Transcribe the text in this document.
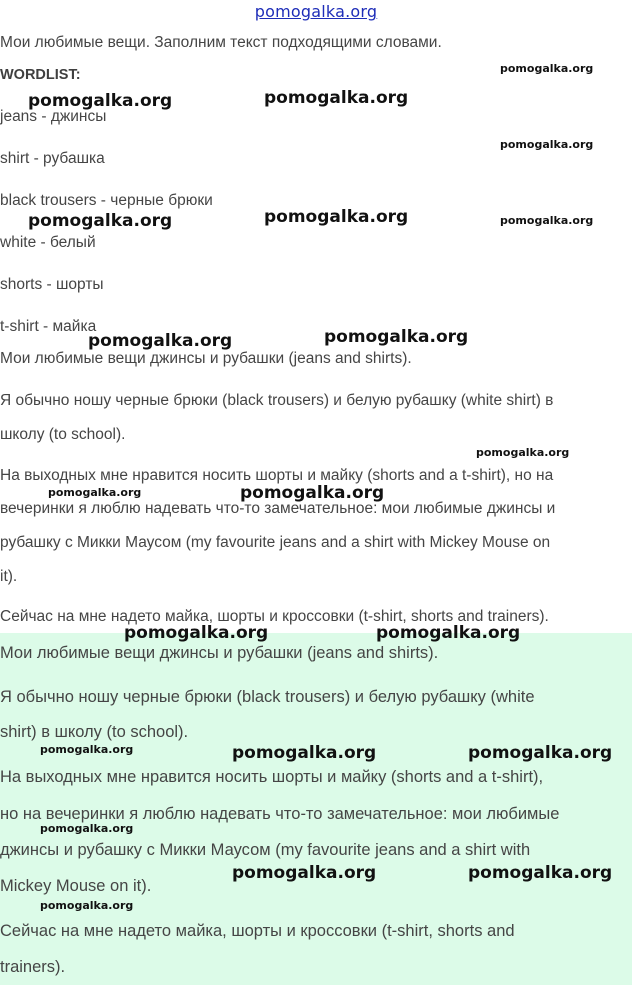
pomogalka.org
Мои любимые вещи. Заполним текст подходящими словами.
WORDLIST:
jeans - джинсы
shirt - рубашка
black trousers - черные брюки
white - белый
shorts - шорты
t-shirt - майка
Мои любимые вещи джинсы и рубашки (jeans and shirts).
Я обычно ношу черные брюки (black trousers) и белую рубашку (white shirt) в
школу (to school).
На выходных мне нравится носить шорты и майку (shorts and a t-shirt), но на
вечеринки я люблю надевать что-то замечательное: мои любимые джинсы и
рубашку с Микки Маусом (my favourite jeans and a shirt with Mickey Mouse on
it).
Сейчас на мне надето майка, шорты и кроссовки (t-shirt, shorts and trainers).
Мои любимые вещи джинсы и рубашки (jeans and shirts).
Я обычно ношу черные брюки (black trousers) и белую рубашку (white
shirt) в школу (to school).
На выходных мне нравится носить шорты и майку (shorts and a t-shirt),
но на вечеринки я люблю надевать что-то замечательное: мои любимые
джинсы и рубашку с Микки Маусом (my favourite jeans and a shirt with
Mickey Mouse on it).
Сейчас на мне надето майка, шорты и кроссовки (t-shirt, shorts and
trainers).
pomogalka.org
pomogalka.org	pomogalka.org
pomogalka.org
pomogalka.org	pomogalka.org	pomogalka.org
pomogalka.org	pomogalka.org
pomogalka.org
pomogalka.org	pomogalka.org
pomogalka.org	pomogalka.org
pomogalka.org	pomogalka.org	pomogalka.org
pomogalka.org
pomogalka.org	pomogalka.org
pomogalka.org
